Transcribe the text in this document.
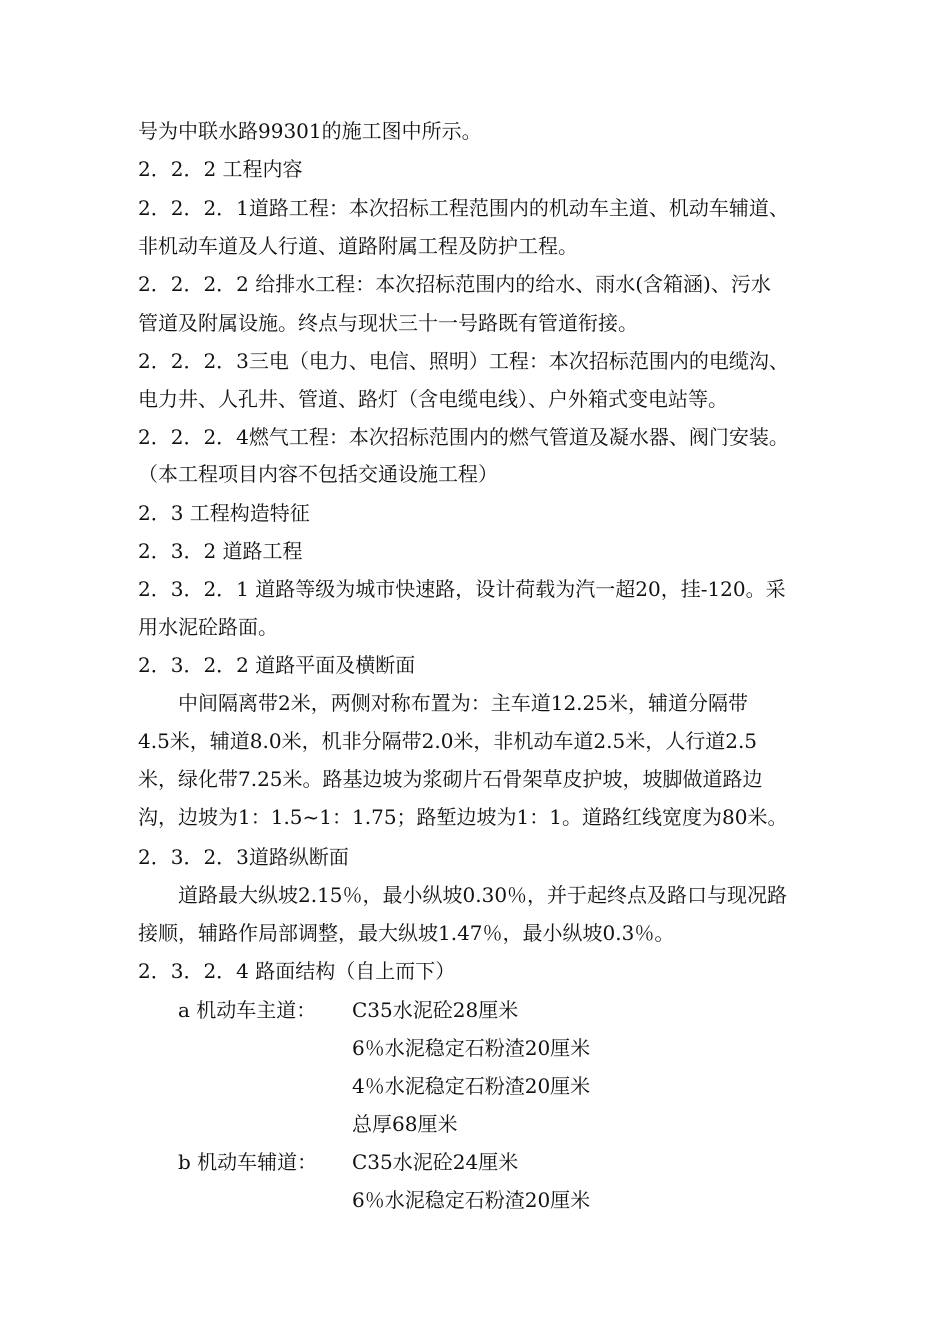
号为中联水路99301的施工图中所示。
2．2．2 工程内容
2．2．2．1道路工程：本次招标工程范围内的机动车主道、机动车辅道、
非机动车道及人行道、道路附属工程及防护工程。
2．2．2．2 给排水工程：本次招标范围内的给水、雨水(含箱涵)、污水
管道及附属设施。终点与现状三十一号路既有管道衔接。
2．2．2．3三电（电力、电信、照明）工程：本次招标范围内的电缆沟、
电力井、人孔井、管道、路灯（含电缆电线）、户外箱式变电站等。
2．2．2．4燃气工程：本次招标范围内的燃气管道及凝水器、阀门安装。
（本工程项目内容不包括交通设施工程）
2．3 工程构造特征
2．3．2 道路工程
2．3．2．1 道路等级为城市快速路，设计荷载为汽一超20，挂-120。采
用水泥砼路面。
2．3．2．2 道路平面及横断面
中间隔离带2米，两侧对称布置为：主车道12.25米，辅道分隔带
4.5米，辅道8.0米，机非分隔带2.0米，非机动车道2.5米，人行道2.5
米，绿化带7.25米。路基边坡为浆砌片石骨架草皮护坡，坡脚做道路边
沟，边坡为1：1.5~1：1.75；路堑边坡为1：1。道路红线宽度为80米。
2．3．2．3道路纵断面
道路最大纵坡2.15％，最小纵坡0.30％，并于起终点及路口与现况路
接顺，辅路作局部调整，最大纵坡1.47％，最小纵坡0.3％。
2．3．2．4 路面结构（自上而下）
a 机动车主道： C35水泥砼28厘米
6％水泥稳定石粉渣20厘米
4％水泥稳定石粉渣20厘米
总厚68厘米
b 机动车辅道： C35水泥砼24厘米
6％水泥稳定石粉渣20厘米
